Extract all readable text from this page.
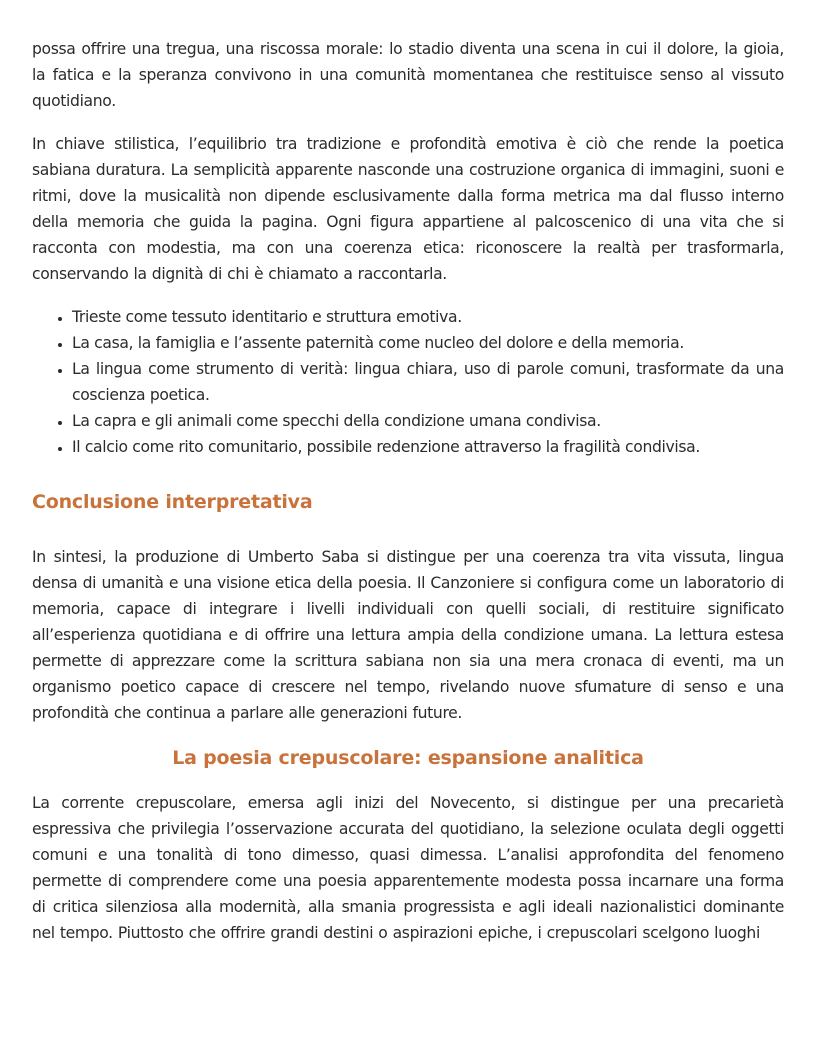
possa offrire una tregua, una riscossa morale: lo stadio diventa una scena in cui il dolore, la gioia, la fatica e la speranza convivono in una comunità momentanea che restituisce senso al vissuto quotidiano.

In chiave stilistica, l’equilibrio tra tradizione e profondità emotiva è ciò che rende la poetica sabiana duratura. La semplicità apparente nasconde una costruzione organica di immagini, suoni e ritmi, dove la musicalità non dipende esclusivamente dalla forma metrica ma dal flusso interno della memoria che guida la pagina. Ogni figura appartiene al palcoscenico di una vita che si racconta con modestia, ma con una coerenza etica: riconoscere la realtà per trasformarla, conservando la dignità di chi è chiamato a raccontarla.

• Trieste come tessuto identitario e struttura emotiva.
• La casa, la famiglia e l’assente paternità come nucleo del dolore e della memoria.
• La lingua come strumento di verità: lingua chiara, uso di parole comuni, trasformate da una coscienza poetica.
• La capra e gli animali come specchi della condizione umana condivisa.
• Il calcio come rito comunitario, possibile redenzione attraverso la fragilità condivisa.
Conclusione interpretativa

In sintesi, la produzione di Umberto Saba si distingue per una coerenza tra vita vissuta, lingua densa di umanità e una visione etica della poesia. Il Canzoniere si configura come un laboratorio di memoria, capace di integrare i livelli individuali con quelli sociali, di restituire significato all’esperienza quotidiana e di offrire una lettura ampia della condizione umana. La lettura estesa permette di apprezzare come la scrittura sabiana non sia una mera cronaca di eventi, ma un organismo poetico capace di crescere nel tempo, rivelando nuove sfumature di senso e una profondità che continua a parlare alle generazioni future.

La poesia crepuscolare: espansione analitica

La corrente crepuscolare, emersa agli inizi del Novecento, si distingue per una precarietà espressiva che privilegia l’osservazione accurata del quotidiano, la selezione oculata degli oggetti comuni e una tonalità di tono dimesso, quasi dimessa. L’analisi approfondita del fenomeno permette di comprendere come una poesia apparentemente modesta possa incarnare una forma di critica silenziosa alla modernità, alla smania progressista e agli ideali nazionalistici dominante nel tempo. Piuttosto che offrire grandi destini o aspirazioni epiche, i crepuscolari scelgono luoghi
